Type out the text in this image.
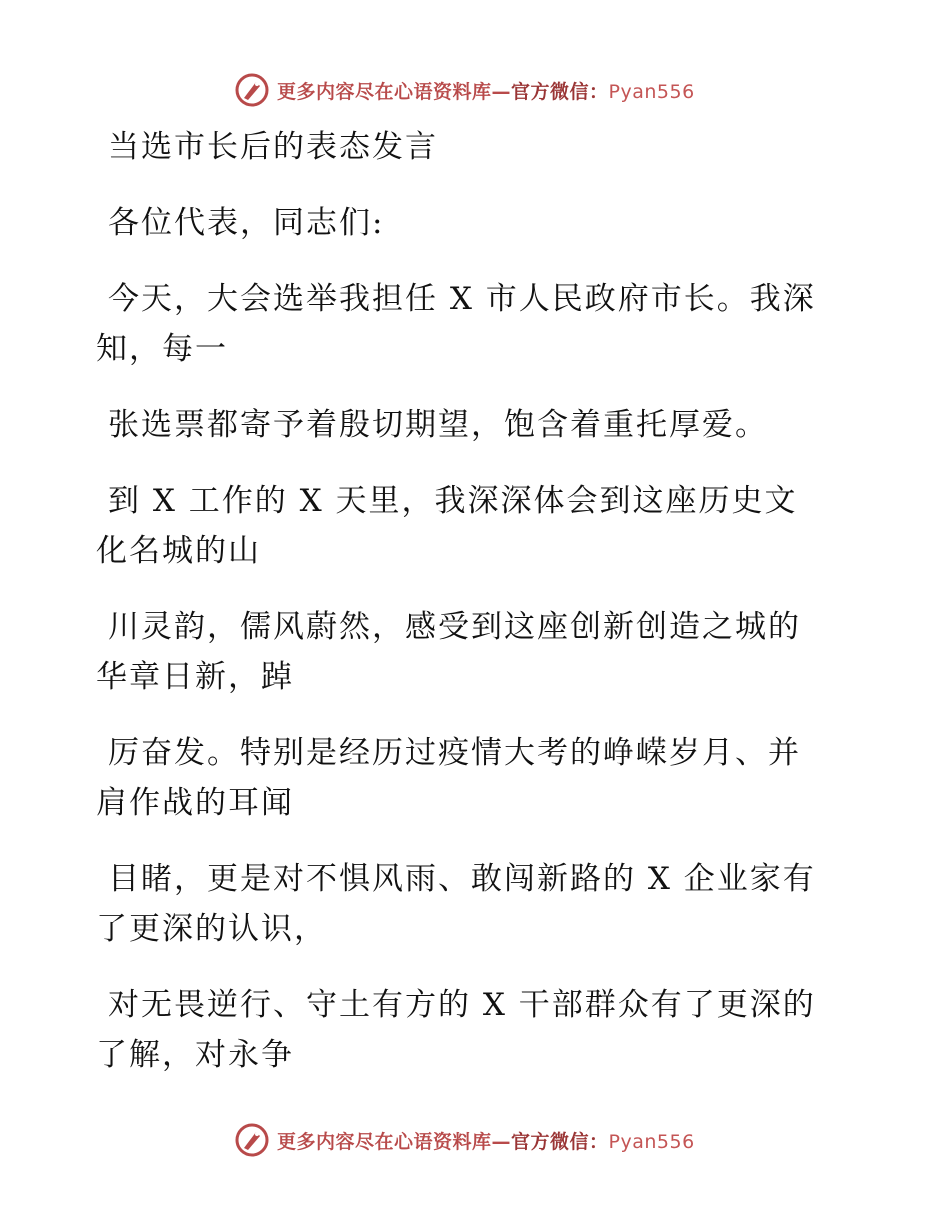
更多内容尽在心语资料库—官方微信：Pyan556
当选市长后的表态发言
各位代表，同志们:
今天，大会选举我担任 X 市人民政府市长。我深
知，每一
张选票都寄予着殷切期望，饱含着重托厚爱。
到 X 工作的 X 天里，我深深体会到这座历史文
化名城的山
川灵韵，儒风蔚然，感受到这座创新创造之城的
华章日新，踔
厉奋发。特别是经历过疫情大考的峥嵘岁月、并
肩作战的耳闻
目睹，更是对不惧风雨、敢闯新路的 X 企业家有
了更深的认识，
对无畏逆行、守土有方的 X 干部群众有了更深的
了解，对永争
更多内容尽在心语资料库—官方微信：Pyan556
